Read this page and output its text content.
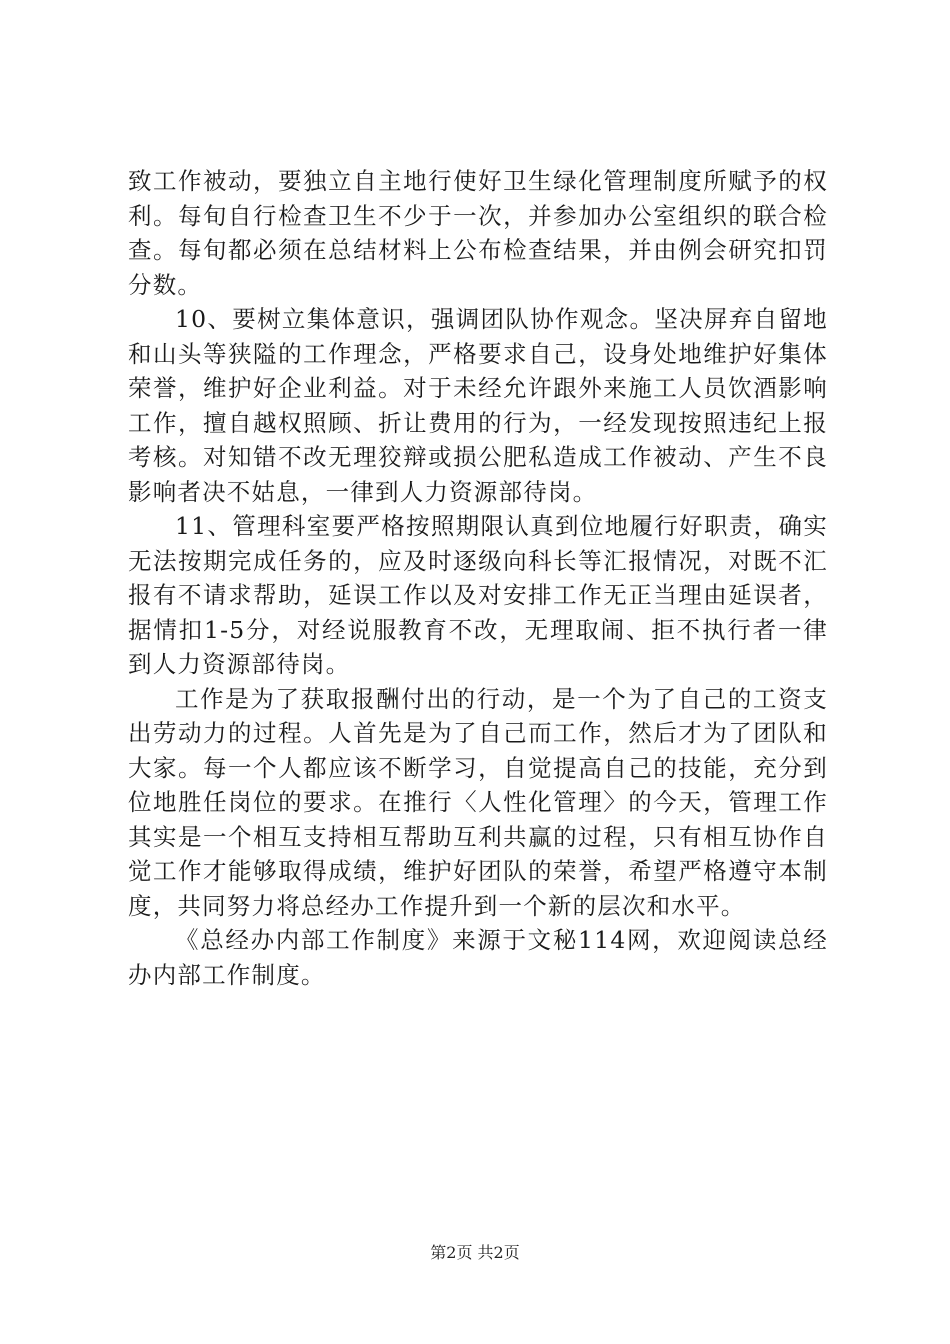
致工作被动，要独立自主地行使好卫生绿化管理制度所赋予的权利。每旬自行检查卫生不少于一次，并参加办公室组织的联合检查。每旬都必须在总结材料上公布检查结果，并由例会研究扣罚分数。

10、要树立集体意识，强调团队协作观念。坚决屏弃自留地和山头等狭隘的工作理念，严格要求自己，设身处地维护好集体荣誉，维护好企业利益。对于未经允许跟外来施工人员饮酒影响工作，擅自越权照顾、折让费用的行为，一经发现按照违纪上报考核。对知错不改无理狡辩或损公肥私造成工作被动、产生不良影响者决不姑息，一律到人力资源部待岗。

11、管理科室要严格按照期限认真到位地履行好职责，确实无法按期完成任务的，应及时逐级向科长等汇报情况，对既不汇报有不请求帮助，延误工作以及对安排工作无正当理由延误者，据情扣1-5分，对经说服教育不改，无理取闹、拒不执行者一律到人力资源部待岗。

工作是为了获取报酬付出的行动，是一个为了自己的工资支出劳动力的过程。人首先是为了自己而工作，然后才为了团队和大家。每一个人都应该不断学习，自觉提高自己的技能，充分到位地胜任岗位的要求。在推行〈人性化管理〉的今天，管理工作其实是一个相互支持相互帮助互利共赢的过程，只有相互协作自觉工作才能够取得成绩，维护好团队的荣誉，希望严格遵守本制度，共同努力将总经办工作提升到一个新的层次和水平。

《总经办内部工作制度》来源于文秘114网，欢迎阅读总经办内部工作制度。

第2页 共2页
